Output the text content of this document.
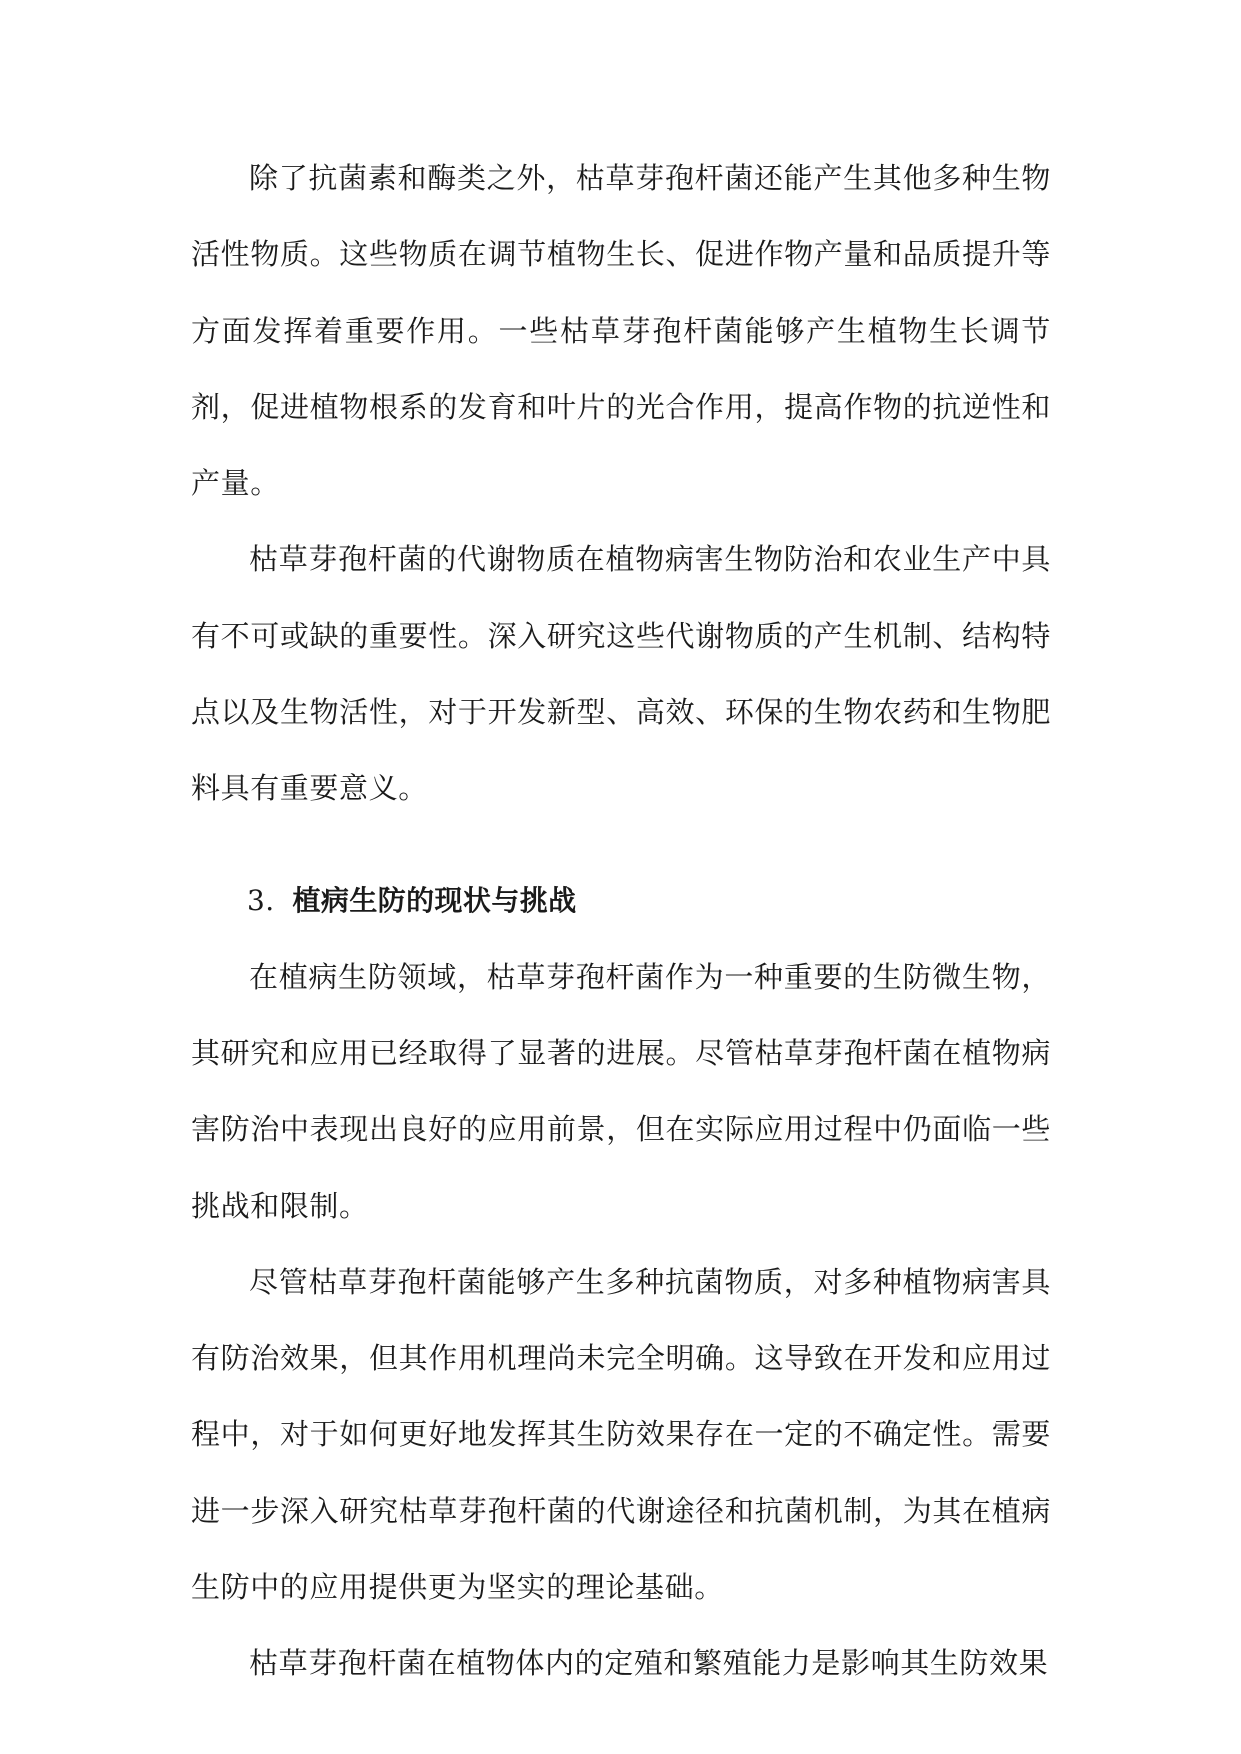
除了抗菌素和酶类之外，枯草芽孢杆菌还能产生其他多种生物活性物质。这些物质在调节植物生长、促进作物产量和品质提升等方面发挥着重要作用。一些枯草芽孢杆菌能够产生植物生长调节剂，促进植物根系的发育和叶片的光合作用，提高作物的抗逆性和产量。

枯草芽孢杆菌的代谢物质在植物病害生物防治和农业生产中具有不可或缺的重要性。深入研究这些代谢物质的产生机制、结构特点以及生物活性，对于开发新型、高效、环保的生物农药和生物肥料具有重要意义。

3. 植病生防的现状与挑战

在植病生防领域，枯草芽孢杆菌作为一种重要的生防微生物，其研究和应用已经取得了显著的进展。尽管枯草芽孢杆菌在植物病害防治中表现出良好的应用前景，但在实际应用过程中仍面临一些挑战和限制。

尽管枯草芽孢杆菌能够产生多种抗菌物质，对多种植物病害具有防治效果，但其作用机理尚未完全明确。这导致在开发和应用过程中，对于如何更好地发挥其生防效果存在一定的不确定性。需要进一步深入研究枯草芽孢杆菌的代谢途径和抗菌机制，为其在植病生防中的应用提供更为坚实的理论基础。

枯草芽孢杆菌在植物体内的定殖和繁殖能力是影响其生防效果
